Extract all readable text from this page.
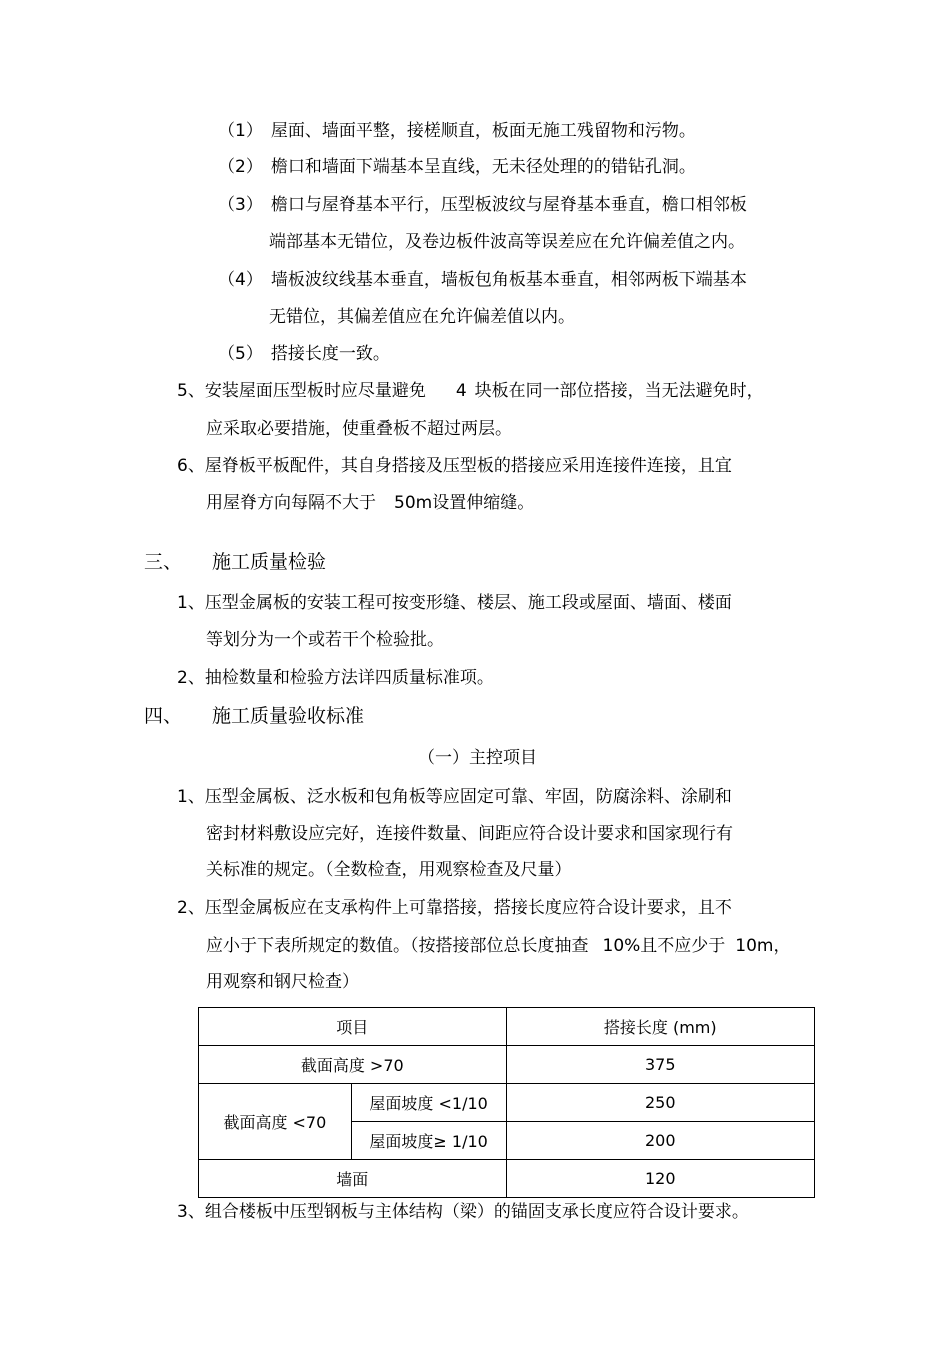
（1） 屋面、墙面平整，接槎顺直，板面无施工残留物和污物。
（2） 檐口和墙面下端基本呈直线，无未径处理的的错钻孔洞。
（3） 檐口与屋脊基本平行，压型板波纹与屋脊基本垂直，檐口相邻板
端部基本无错位，及卷边板件波高等误差应在允许偏差值之内。
（4） 墙板波纹线基本垂直，墙板包角板基本垂直，相邻两板下端基本
无错位，其偏差值应在允许偏差值以内。
（5） 搭接长度一致。
5、安装屋面压型板时应尽量避免 4 块板在同一部位搭接，当无法避免时，
应采取必要措施，使重叠板不超过两层。
6、屋脊板平板配件，其自身搭接及压型板的搭接应采用连接件连接，且宜
用屋脊方向每隔不大于 50m设置伸缩缝。
三、 施工质量检验
1、压型金属板的安装工程可按变形缝、楼层、施工段或屋面、墙面、楼面
等划分为一个或若干个检验批。
2、抽检数量和检验方法详四质量标准项。
四、 施工质量验收标准
（一）主控项目
1、压型金属板、泛水板和包角板等应固定可靠、牢固，防腐涂料、涂刷和
密封材料敷设应完好，连接件数量、间距应符合设计要求和国家现行有
关标准的规定。（全数检查，用观察检查及尺量）
2、压型金属板应在支承构件上可靠搭接，搭接长度应符合设计要求，且不
应小于下表所规定的数值。（按搭接部位总长度抽查 10%且不应少于 10m，
用观察和钢尺检查）
项目		搭接长度 (mm)
截面高度 >70		375
截面高度 <70	屋面坡度 <1/10	250
	屋面坡度≥ 1/10	200
墙面		120
3、组合楼板中压型钢板与主体结构（梁）的锚固支承长度应符合设计要求。
